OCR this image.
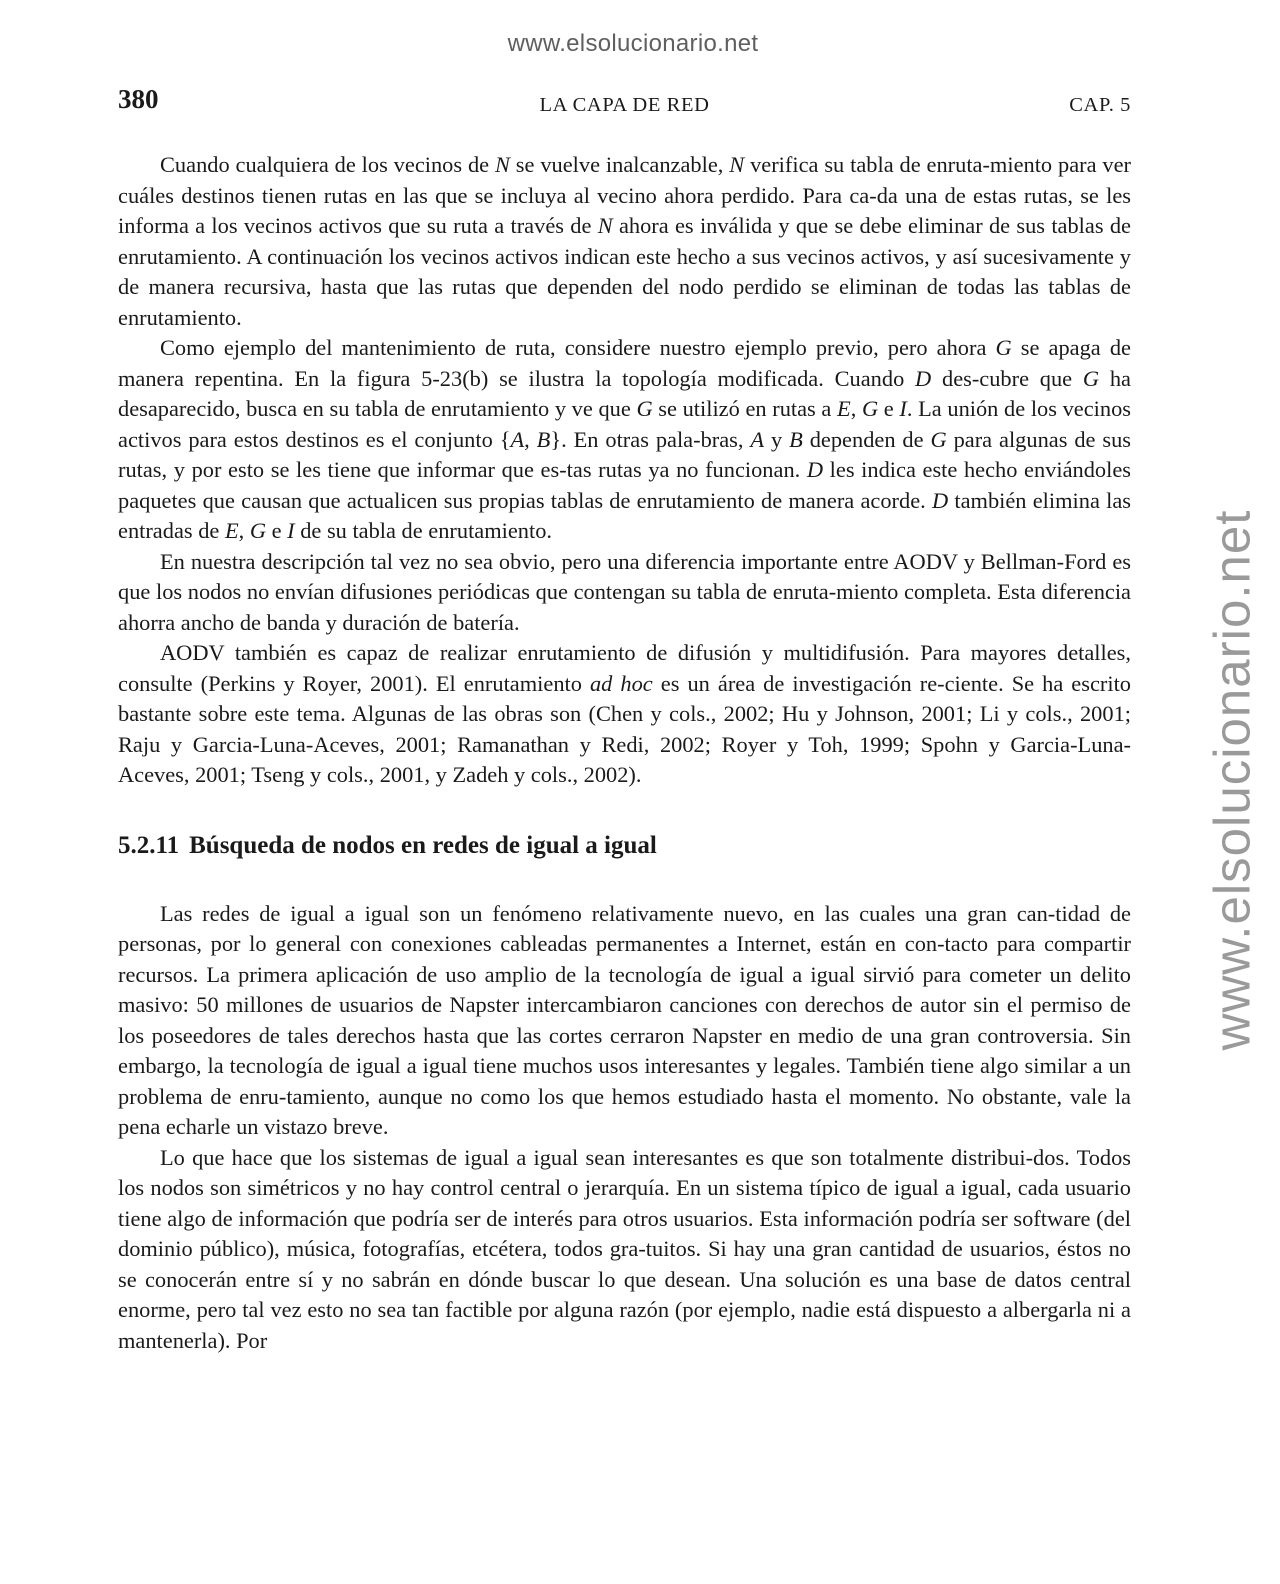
www.elsolucionario.net
www.elsolucionario.net
380	LA CAPA DE RED	CAP. 5

Cuando cualquiera de los vecinos de N se vuelve inalcanzable, N verifica su tabla de enruta-miento para ver cuáles destinos tienen rutas en las que se incluya al vecino ahora perdido. Para ca-da una de estas rutas, se les informa a los vecinos activos que su ruta a través de N ahora es inválida y que se debe eliminar de sus tablas de enrutamiento. A continuación los vecinos activos indican este hecho a sus vecinos activos, y así sucesivamente y de manera recursiva, hasta que las rutas que dependen del nodo perdido se eliminan de todas las tablas de enrutamiento.

Como ejemplo del mantenimiento de ruta, considere nuestro ejemplo previo, pero ahora G se apaga de manera repentina. En la figura 5-23(b) se ilustra la topología modificada. Cuando D des-cubre que G ha desaparecido, busca en su tabla de enrutamiento y ve que G se utilizó en rutas a E, G e I. La unión de los vecinos activos para estos destinos es el conjunto {A, B}. En otras pala-bras, A y B dependen de G para algunas de sus rutas, y por esto se les tiene que informar que es-tas rutas ya no funcionan. D les indica este hecho enviándoles paquetes que causan que actualicen sus propias tablas de enrutamiento de manera acorde. D también elimina las entradas de E, G e I de su tabla de enrutamiento.

En nuestra descripción tal vez no sea obvio, pero una diferencia importante entre AODV y Bellman-Ford es que los nodos no envían difusiones periódicas que contengan su tabla de enruta-miento completa. Esta diferencia ahorra ancho de banda y duración de batería.

AODV también es capaz de realizar enrutamiento de difusión y multidifusión. Para mayores detalles, consulte (Perkins y Royer, 2001). El enrutamiento ad hoc es un área de investigación re-ciente. Se ha escrito bastante sobre este tema. Algunas de las obras son (Chen y cols., 2002; Hu y Johnson, 2001; Li y cols., 2001; Raju y Garcia-Luna-Aceves, 2001; Ramanathan y Redi, 2002; Royer y Toh, 1999; Spohn y Garcia-Luna-Aceves, 2001; Tseng y cols., 2001, y Zadeh y cols., 2002).

5.2.11 Búsqueda de nodos en redes de igual a igual

Las redes de igual a igual son un fenómeno relativamente nuevo, en las cuales una gran can-tidad de personas, por lo general con conexiones cableadas permanentes a Internet, están en con-tacto para compartir recursos. La primera aplicación de uso amplio de la tecnología de igual a igual sirvió para cometer un delito masivo: 50 millones de usuarios de Napster intercambiaron canciones con derechos de autor sin el permiso de los poseedores de tales derechos hasta que las cortes cerraron Napster en medio de una gran controversia. Sin embargo, la tecnología de igual a igual tiene muchos usos interesantes y legales. También tiene algo similar a un problema de enru-tamiento, aunque no como los que hemos estudiado hasta el momento. No obstante, vale la pena echarle un vistazo breve.

Lo que hace que los sistemas de igual a igual sean interesantes es que son totalmente distribui-dos. Todos los nodos son simétricos y no hay control central o jerarquía. En un sistema típico de igual a igual, cada usuario tiene algo de información que podría ser de interés para otros usuarios. Esta información podría ser software (del dominio público), música, fotografías, etcétera, todos gra-tuitos. Si hay una gran cantidad de usuarios, éstos no se conocerán entre sí y no sabrán en dónde buscar lo que desean. Una solución es una base de datos central enorme, pero tal vez esto no sea tan factible por alguna razón (por ejemplo, nadie está dispuesto a albergarla ni a mantenerla). Por
